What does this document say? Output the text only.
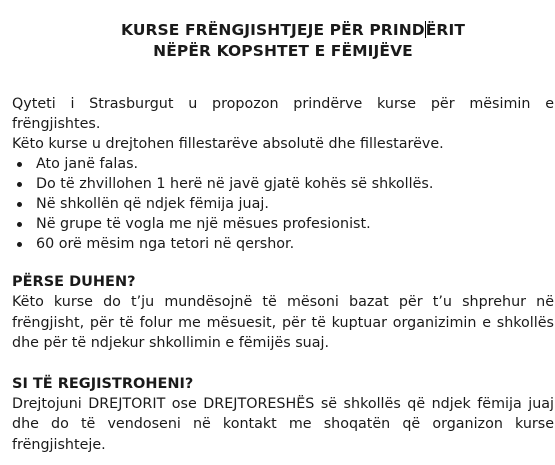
KURSE FRËNGJISHTJEJE PËR PRINDËRIT
NËPËR KOPSHTET E FËMIJËVE

Qyteti i Strasburgut u propozon prindërve kurse për mësimin e frëngjishtes.

Këto kurse u drejtohen fillestarëve absolutë dhe fillestarëve.

Ato janë falas.
Do të zhvillohen 1 herë në javë gjatë kohës së shkollës.
Në shkollën që ndjek fëmija juaj.
Në grupe të vogla me një mësues profesionist.
60 orë mësim nga tetori në qershor.
PËRSE DUHEN?

Këto kurse do t’ju mundësojnë të mësoni bazat për t’u shprehur në frëngjisht, për të folur me mësuesit, për të kuptuar organizimin e shkollës dhe për të ndjekur shkollimin e fëmijës suaj.

SI TË REGJISTROHENI?

Drejtojuni DREJTORIT ose DREJTORESHËS së shkollës që ndjek fëmija juaj dhe do të vendoseni në kontakt me shoqatën që organizon kurse frëngjishteje.
